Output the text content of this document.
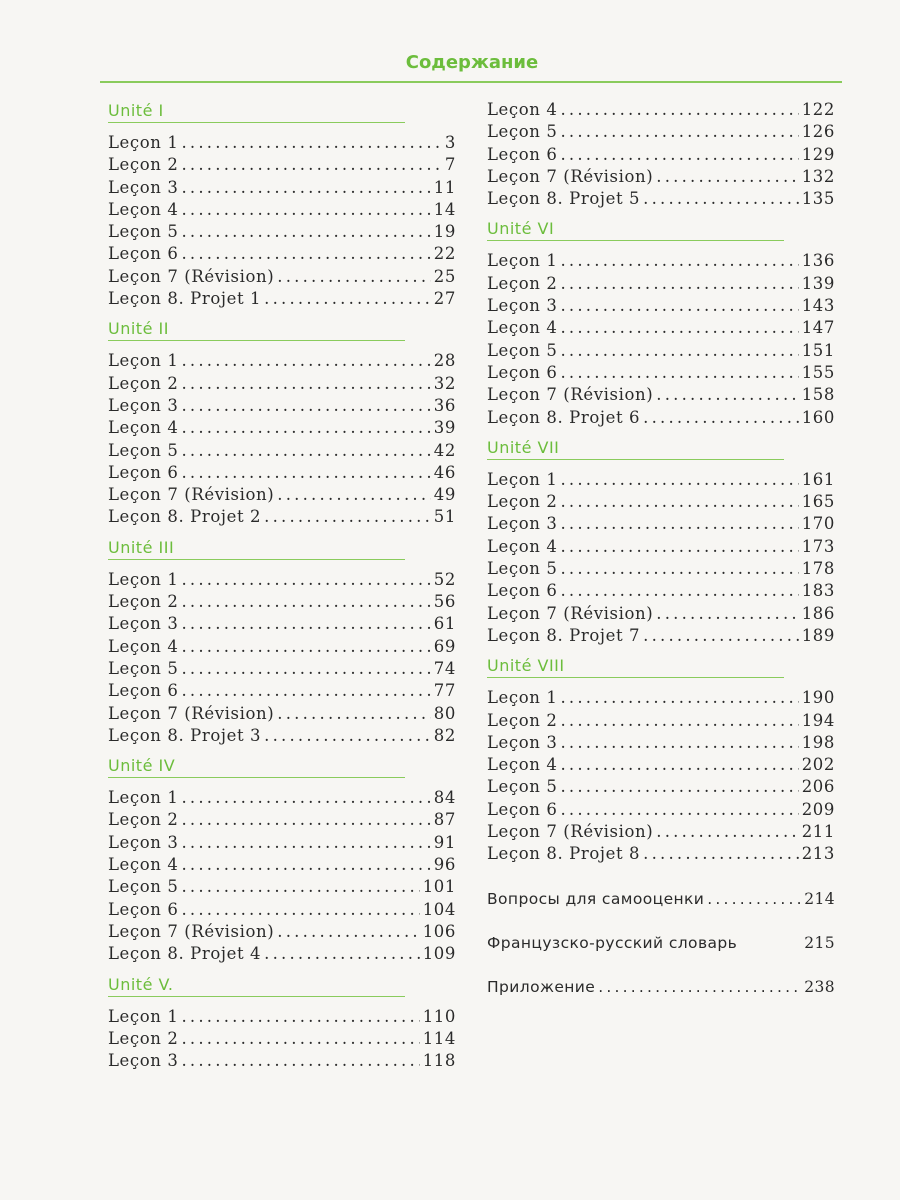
Содержание
Unité I
Leçon 1 .....	3
Leçon 2 .....	7
Leçon 3 .....	11
Leçon 4 .....	14
Leçon 5 .....	19
Leçon 6 .....	22
Leçon 7 (Révision) .....	25
Leçon 8. Projet 1 .....	27
Unité II
Leçon 1 .....	28
Leçon 2 .....	32
Leçon 3 .....	36
Leçon 4 .....	39
Leçon 5 .....	42
Leçon 6 .....	46
Leçon 7 (Révision) .....	49
Leçon 8. Projet 2 .....	51
Unité III
Leçon 1 .....	52
Leçon 2 .....	56
Leçon 3 .....	61
Leçon 4 .....	69
Leçon 5 .....	74
Leçon 6 .....	77
Leçon 7 (Révision) .....	80
Leçon 8. Projet 3 .....	82
Unité IV
Leçon 1 .....	84
Leçon 2 .....	87
Leçon 3 .....	91
Leçon 4 .....	96
Leçon 5 .....	101
Leçon 6 .....	104
Leçon 7 (Révision) .....	106
Leçon 8. Projet 4 .....	109
Unité V.
Leçon 1 .....	110
Leçon 2 .....	114
Leçon 3 .....	118
Leçon 4 .....	122
Leçon 5 .....	126
Leçon 6 .....	129
Leçon 7 (Révision) .....	132
Leçon 8. Projet 5 .....	135
Unité VI
Leçon 1 .....	136
Leçon 2 .....	139
Leçon 3 .....	143
Leçon 4 .....	147
Leçon 5 .....	151
Leçon 6 .....	155
Leçon 7 (Révision) .....	158
Leçon 8. Projet 6 .....	160
Unité VII
Leçon 1 .....	161
Leçon 2 .....	165
Leçon 3 .....	170
Leçon 4 .....	173
Leçon 5 .....	178
Leçon 6 .....	183
Leçon 7 (Révision) .....	186
Leçon 8. Projet 7 .....	189
Unité VIII
Leçon 1 .....	190
Leçon 2 .....	194
Leçon 3 .....	198
Leçon 4 .....	202
Leçon 5 .....	206
Leçon 6 .....	209
Leçon 7 (Révision) .....	211
Leçon 8. Projet 8 .....	213
Вопросы для самооценки .....	214
Французско-русский словарь	215
Приложение .....	238
